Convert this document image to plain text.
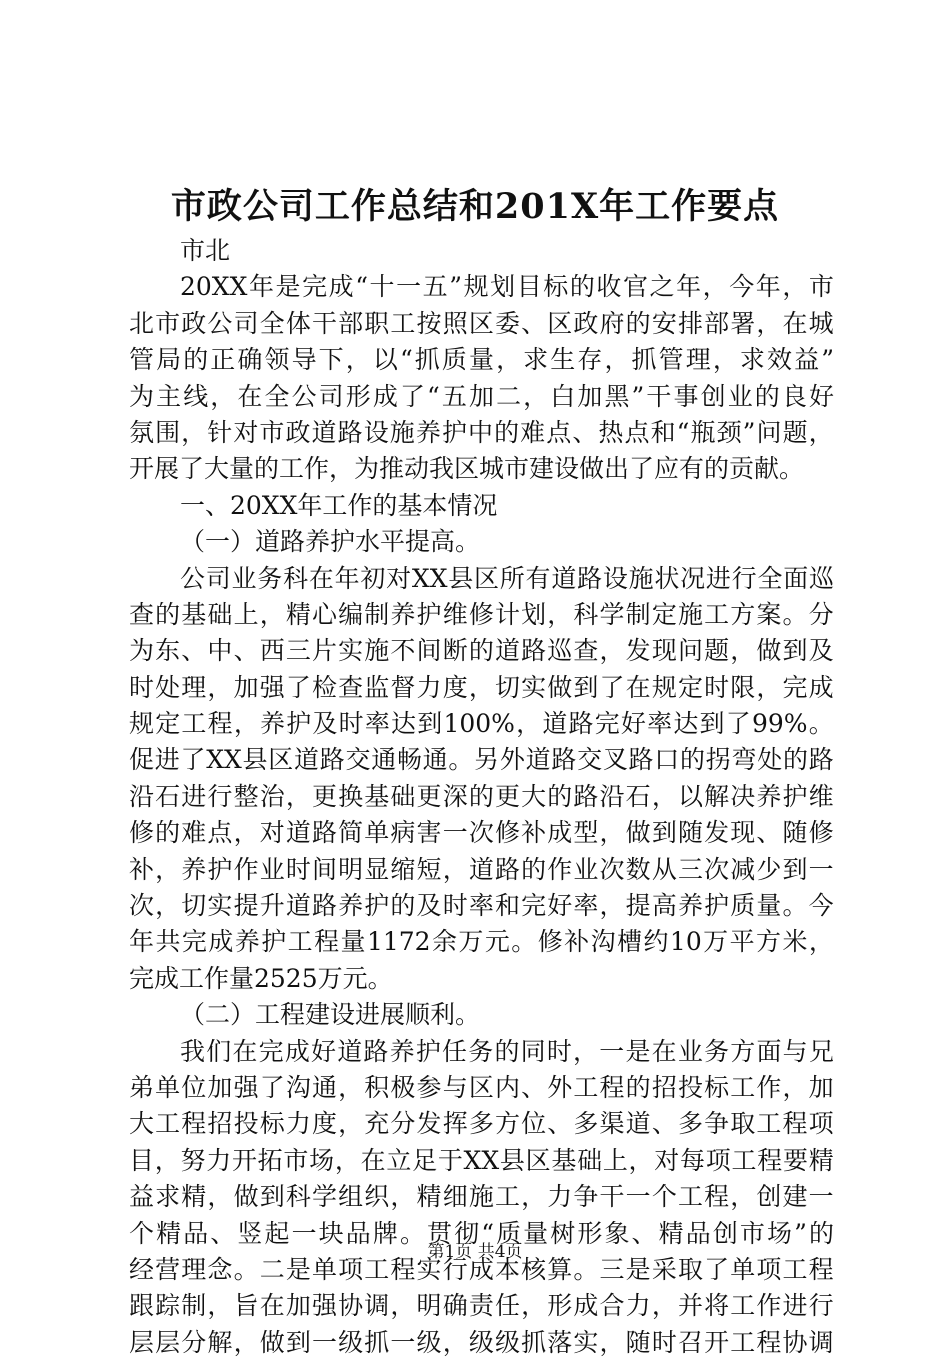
市政公司工作总结和201X年工作要点
市北
20XX 年 是 完 成 “ 十 一 五 ” 规 划 目 标 的 收 官 之 年 ， 今 年 ， 市
北 市 政 公 司 全 体 干 部 职 工 按 照 区 委 、 区 政 府 的 安 排 部 署 ， 在 城
管 局 的 正 确 领 导 下 ， 以 “ 抓 质 量 ， 求 生 存 ， 抓 管 理 ， 求 效 益 ”
为 主 线 ， 在 全 公 司 形 成 了 “ 五 加 二 ， 白 加 黑 ” 干 事 创 业 的 良 好
氛 围 ， 针 对 市 政 道 路 设 施 养 护 中 的 难 点 、 热 点 和 “ 瓶 颈 ” 问 题 ，
开展了大量的工作，为推动我区城市建设做出了应有的贡献。
一、20XX年工作的基本情况
（一）道路养护水平提高。
公 司 业 务 科 在 年 初 对 XX 县 区 所 有 道 路 设 施 状 况 进 行 全 面 巡
查 的 基 础 上 ， 精 心 编 制 养 护 维 修 计 划 ， 科 学 制 定 施 工 方 案 。 分
为 东 、 中 、 西 三 片 实 施 不 间 断 的 道 路 巡 查 ， 发 现 问 题 ， 做 到 及
时 处 理 ， 加 强 了 检 查 监 督 力 度 ， 切 实 做 到 了 在 规 定 时 限 ， 完 成
规 定 工 程 ， 养 护 及 时 率 达 到 100% ， 道 路 完 好 率 达 到 了 99% 。
促 进 了 XX 县 区 道 路 交 通 畅 通 。 另 外 道 路 交 叉 路 口 的 拐 弯 处 的 路
沿 石 进 行 整 治 ， 更 换 基 础 更 深 的 更 大 的 路 沿 石 ， 以 解 决 养 护 维
修 的 难 点 ， 对 道 路 简 单 病 害 一 次 修 补 成 型 ， 做 到 随 发 现 、 随 修
补 ， 养 护 作 业 时 间 明 显 缩 短 ， 道 路 的 作 业 次 数 从 三 次 减 少 到 一
次 ， 切 实 提 升 道 路 养 护 的 及 时 率 和 完 好 率 ， 提 高 养 护 质 量 。 今
年 共 完 成 养 护 工 程 量 1172 余 万 元 。 修 补 沟 槽 约 10 万 平 方 米 ，
完成工作量2525万元。
（二）工程建设进展顺利。
我 们 在 完 成 好 道 路 养 护 任 务 的 同 时 ， 一 是 在 业 务 方 面 与 兄
弟 单 位 加 强 了 沟 通 ， 积 极 参 与 区 内 、 外 工 程 的 招 投 标 工 作 ， 加
大 工 程 招 投 标 力 度 ， 充 分 发 挥 多 方 位 、 多 渠 道 、 多 争 取 工 程 项
目 ， 努 力 开 拓 市 场 ， 在 立 足 于 XX 县 区 基 础 上 ， 对 每 项 工 程 要 精
益 求 精 ， 做 到 科 学 组 织 ， 精 细 施 工 ， 力 争 干 一 个 工 程 ， 创 建 一
个 精 品 、 竖 起 一 块 品 牌 。 贯 彻 “ 质 量 树 形 象 、 精 品 创 市 场 ” 的
经 营 理 念 。 二 是 单 项 工 程 实 行 成 本 核 算 。 三 是 采 取 了 单 项 工 程
跟 踪 制 ， 旨 在 加 强 协 调 ， 明 确 责 任 ， 形 成 合 力 ， 并 将 工 作 进 行
层 层 分 解 ， 做 到 一 级 抓 一 级 ， 级 级 抓 落 实 ， 随 时 召 开 工 程 协 调
第1页 共4页
